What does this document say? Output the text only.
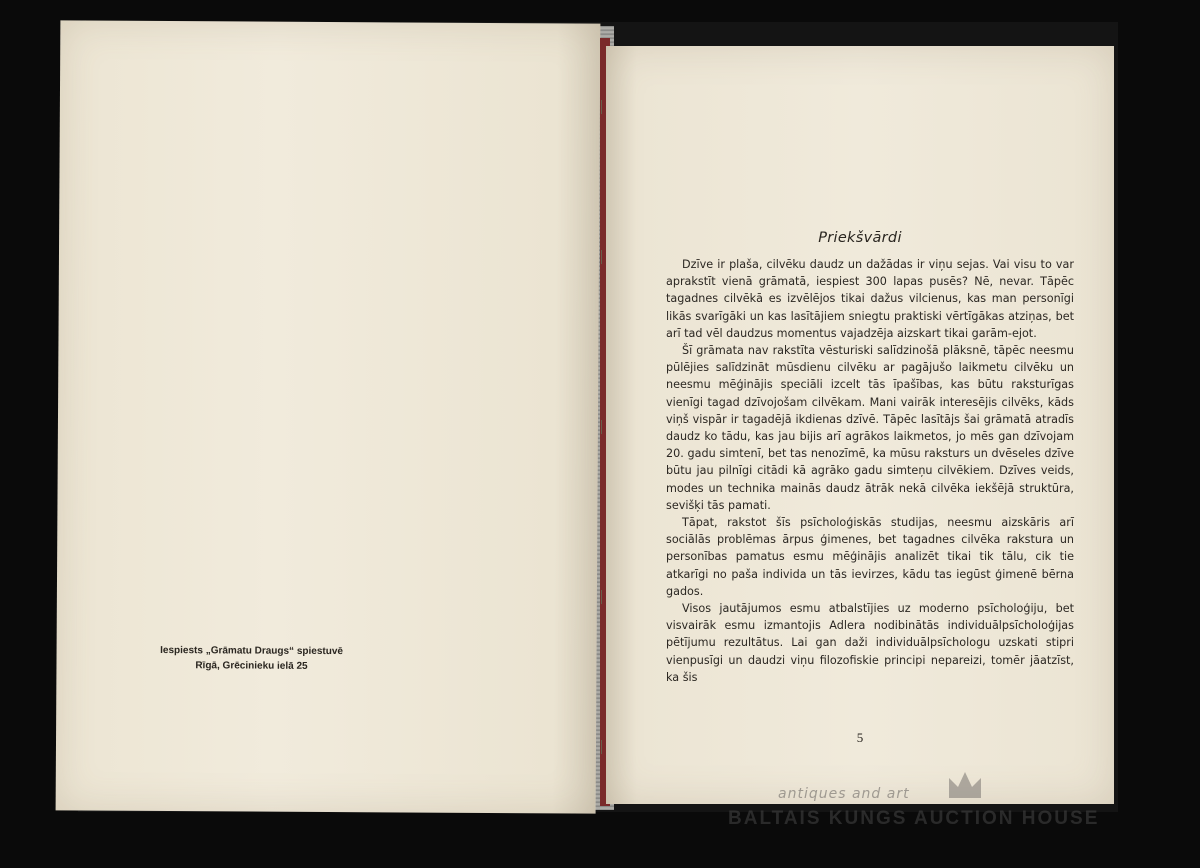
Iespiests „Grāmatu Draugs“ spiestuvē
Rīgā, Grēcinieku ielā 25
Priekšvārdi

Dzīve ir plaša, cilvēku daudz un dažādas ir viņu sejas. Vai visu to var aprakstīt vienā grāmatā, iespiest 300 lapas pusēs? Nē, nevar. Tāpēc tagadnes cilvēkā es izvēlējos tikai dažus vilcienus, kas man personīgi likās svarīgāki un kas lasītājiem sniegtu praktiski vērtīgākas atziņas, bet arī tad vēl daudzus momentus vajadzēja aizskart tikai garām-ejot.

Šī grāmata nav rakstīta vēsturiski salīdzinošā plāksnē, tāpēc neesmu pūlējies salīdzināt mūsdienu cilvēku ar pagājušo laikmetu cilvēku un neesmu mēģinājis speciāli izcelt tās īpašības, kas būtu raksturīgas vienīgi tagad dzīvojošam cilvēkam. Mani vairāk interesējis cilvēks, kāds viņš vispār ir tagadējā ikdienas dzīvē. Tāpēc lasītājs šai grāmatā atradīs daudz ko tādu, kas jau bijis arī agrākos laikmetos, jo mēs gan dzīvojam 20. gadu simtenī, bet tas nenozīmē, ka mūsu raksturs un dvēseles dzīve būtu jau pilnīgi citādi kā agrāko gadu simteņu cilvēkiem. Dzīves veids, modes un technika mainās daudz ātrāk nekā cilvēka iekšējā struktūra, sevišķi tās pamati.

Tāpat, rakstot šīs psīcholoģiskās studijas, neesmu aizskāris arī sociālās problēmas ārpus ģimenes, bet tagadnes cilvēka rakstura un personības pamatus esmu mēģinājis analizēt tikai tik tālu, cik tie atkarīgi no paša individa un tās ievirzes, kādu tas iegūst ģimenē bērna gados.

Visos jautājumos esmu atbalstījies uz moderno psīcholoģiju, bet visvairāk esmu izmantojis Adlera nodibinātās individuālpsīcholoģijas pētījumu rezultātus. Lai gan daži individuālpsīchologu uzskati stipri vienpusīgi un daudzi viņu filozofiskie principi nepareizi, tomēr jāatzīst, ka šis

5
antiques and art
BALTAIS KUNGS AUCTION HOUSE
